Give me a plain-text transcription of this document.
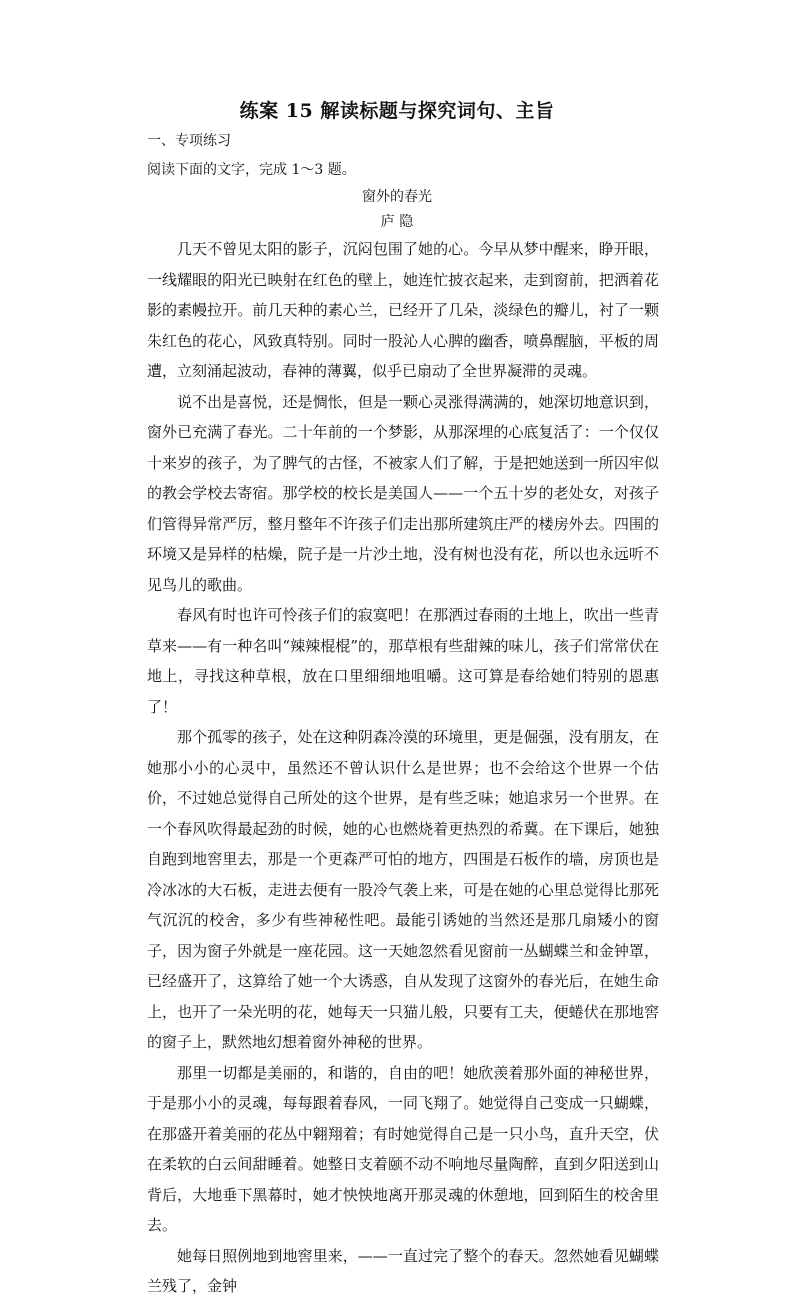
练案 15 解读标题与探究词句、主旨
一、专项练习
阅读下面的文字，完成 1～3 题。
窗外的春光
庐 隐

几天不曾见太阳的影子，沉闷包围了她的心。今早从梦中醒来，睁开眼，一线耀眼的阳光已映射在红色的壁上，她连忙披衣起来，走到窗前，把洒着花影的素幔拉开。前几天种的素心兰，已经开了几朵，淡绿色的瓣儿，衬了一颗朱红色的花心，风致真特别。同时一股沁人心脾的幽香，喷鼻醒脑，平板的周遭，立刻涌起波动，春神的薄翼，似乎已扇动了全世界凝滞的灵魂。

说不出是喜悦，还是惆怅，但是一颗心灵涨得满满的，她深切地意识到，窗外已充满了春光。二十年前的一个梦影，从那深埋的心底复活了：一个仅仅十来岁的孩子，为了脾气的古怪，不被家人们了解，于是把她送到一所囚牢似的教会学校去寄宿。那学校的校长是美国人——一个五十岁的老处女，对孩子们管得异常严厉，整月整年不许孩子们走出那所建筑庄严的楼房外去。四围的环境又是异样的枯燥，院子是一片沙土地，没有树也没有花，所以也永远听不见鸟儿的歌曲。

春风有时也许可怜孩子们的寂寞吧！在那洒过春雨的土地上，吹出一些青草来——有一种名叫“辣辣棍棍”的，那草根有些甜辣的味儿，孩子们常常伏在地上，寻找这种草根，放在口里细细地咀嚼。这可算是春给她们特别的恩惠了！

那个孤零的孩子，处在这种阴森冷漠的环境里，更是倔强，没有朋友，在她那小小的心灵中，虽然还不曾认识什么是世界；也不会给这个世界一个估价，不过她总觉得自己所处的这个世界，是有些乏味；她追求另一个世界。在一个春风吹得最起劲的时候，她的心也燃烧着更热烈的希冀。在下课后，她独自跑到地窖里去，那是一个更森严可怕的地方，四围是石板作的墙，房顶也是冷冰冰的大石板，走进去便有一股冷气袭上来，可是在她的心里总觉得比那死气沉沉的校舍，多少有些神秘性吧。最能引诱她的当然还是那几扇矮小的窗子，因为窗子外就是一座花园。这一天她忽然看见窗前一丛蝴蝶兰和金钟罩，已经盛开了，这算给了她一个大诱惑，自从发现了这窗外的春光后，在她生命上，也开了一朵光明的花，她每天一只猫儿般，只要有工夫，便蜷伏在那地窖的窗子上，默然地幻想着窗外神秘的世界。

那里一切都是美丽的，和谐的，自由的吧！她欣羡着那外面的神秘世界，于是那小小的灵魂，每每跟着春风，一同飞翔了。她觉得自己变成一只蝴蝶，在那盛开着美丽的花丛中翱翔着；有时她觉得自己是一只小鸟，直升天空，伏在柔软的白云间甜睡着。她整日支着颐不动不响地尽量陶醉，直到夕阳送到山背后，大地垂下黑幕时，她才怏怏地离开那灵魂的休憩地，回到陌生的校舍里去。

她每日照例地到地窖里来，——一直过完了整个的春天。忽然她看见蝴蝶兰残了，金钟
